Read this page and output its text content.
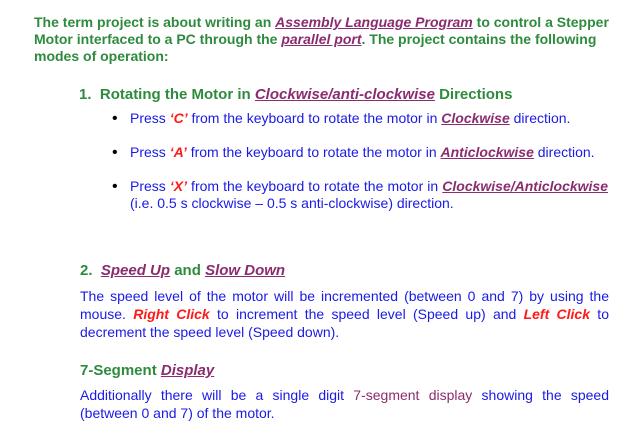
The term project is about writing an Assembly Language Program to control a Stepper Motor interfaced to a PC through the parallel port. The project contains the following modes of operation:
1. Rotating the Motor in Clockwise/anti-clockwise Directions
• Press ‘C’ from the keyboard to rotate the motor in Clockwise direction.
• Press ‘A’ from the keyboard to rotate the motor in Anticlockwise direction.
• Press ‘X’ from the keyboard to rotate the motor in Clockwise/Anticlockwise (i.e. 0.5 s clockwise – 0.5 s anti-clockwise) direction.
2. Speed Up and Slow Down
The speed level of the motor will be incremented (between 0 and 7) by using the mouse. Right Click to increment the speed level (Speed up) and Left Click to decrement the speed level (Speed down).
7-Segment Display
Additionally there will be a single digit 7-segment display showing the speed (between 0 and 7) of the motor.
